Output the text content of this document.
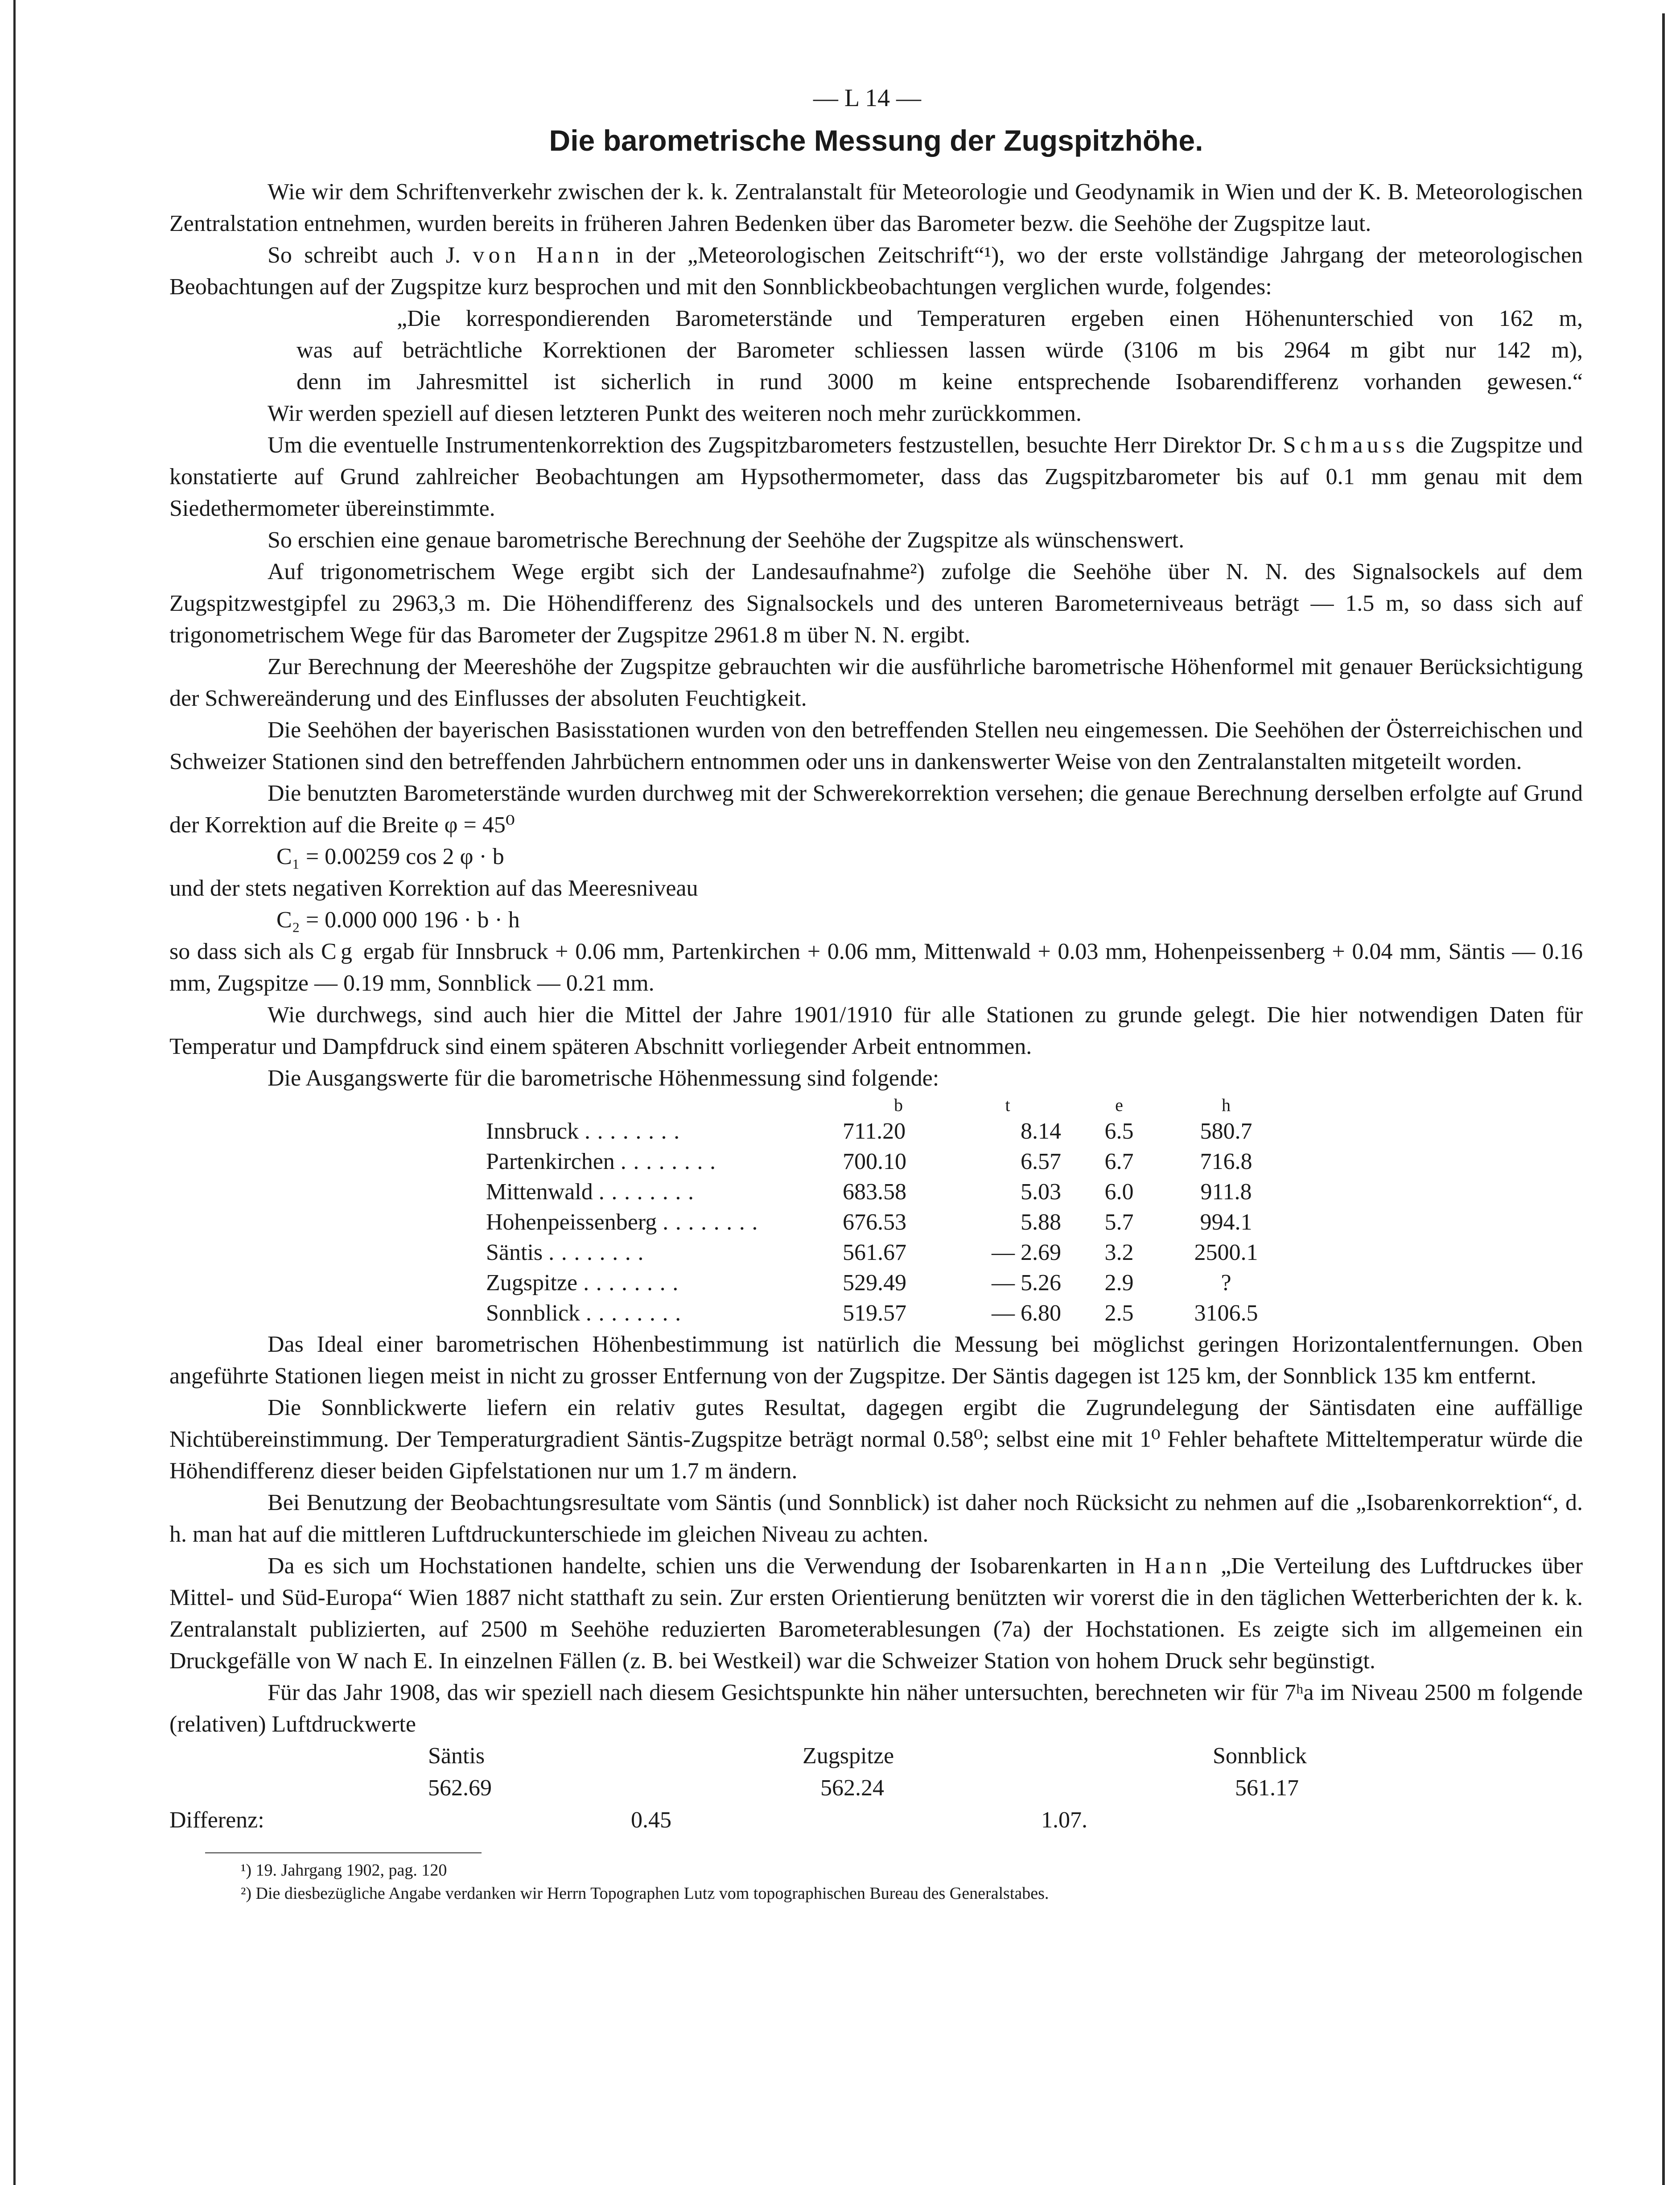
— L 14 —
Die barometrische Messung der Zugspitzhöhe.

Wie wir dem Schriftenverkehr zwischen der k. k. Zentralanstalt für Meteorologie und Geodynamik in Wien und der K. B. Meteorologischen Zentralstation entnehmen, wurden bereits in früheren Jahren Bedenken über das Barometer bezw. die Seehöhe der Zugspitze laut.

So schreibt auch J. von Hann in der „Meteorologischen Zeitschrift“¹), wo der erste vollständige Jahrgang der meteorologischen Beobachtungen auf der Zugspitze kurz besprochen und mit den Sonnblickbeobachtungen verglichen wurde, folgendes:

„Die korrespondierenden Barometerstände und Temperaturen ergeben einen Höhenunterschied von 162 m,
was auf beträchtliche Korrektionen der Barometer schliessen lassen würde (3106 m bis 2964 m gibt nur 142 m),
denn im Jahresmittel ist sicherlich in rund 3000 m keine entsprechende Isobarendifferenz vorhanden gewesen.“

Wir werden speziell auf diesen letzteren Punkt des weiteren noch mehr zurückkommen.

Um die eventuelle Instrumentenkorrektion des Zugspitzbarometers festzustellen, besuchte Herr Direktor Dr. Schmauss die Zugspitze und konstatierte auf Grund zahlreicher Beobachtungen am Hypsothermometer, dass das Zugspitzbarometer bis auf 0.1 mm genau mit dem Siedethermometer übereinstimmte.

So erschien eine genaue barometrische Berechnung der Seehöhe der Zugspitze als wünschenswert.

Auf trigonometrischem Wege ergibt sich der Landesaufnahme²) zufolge die Seehöhe über N. N. des Signalsockels auf dem Zugspitzwestgipfel zu 2963,3 m. Die Höhendifferenz des Signalsockels und des unteren Barometerniveaus beträgt — 1.5 m, so dass sich auf trigonometrischem Wege für das Barometer der Zugspitze 2961.8 m über N. N. ergibt.

Zur Berechnung der Meereshöhe der Zugspitze gebrauchten wir die ausführliche barometrische Höhenformel mit genauer Berücksichtigung der Schwereänderung und des Einflusses der absoluten Feuchtigkeit.

Die Seehöhen der bayerischen Basisstationen wurden von den betreffenden Stellen neu eingemessen. Die Seehöhen der Österreichischen und Schweizer Stationen sind den betreffenden Jahrbüchern entnommen oder uns in dankenswerter Weise von den Zentralanstalten mitgeteilt worden.

Die benutzten Barometerstände wurden durchweg mit der Schwerekorrektion versehen; die genaue Berechnung derselben erfolgte auf Grund der Korrektion auf die Breite φ = 45⁰

C₁ = 0.00259 cos 2 φ · b

und der stets negativen Korrektion auf das Meeresniveau

C₂ = 0.000 000 196 · b · h

so dass sich als Cg ergab für Innsbruck + 0.06 mm, Partenkirchen + 0.06 mm, Mittenwald + 0.03 mm, Hohenpeissenberg + 0.04 mm, Säntis — 0.16 mm, Zugspitze — 0.19 mm, Sonnblick — 0.21 mm.

Wie durchwegs, sind auch hier die Mittel der Jahre 1901/1910 für alle Stationen zu grunde gelegt. Die hier notwendigen Daten für Temperatur und Dampfdruck sind einem späteren Abschnitt vorliegender Arbeit entnommen.

Die Ausgangswerte für die barometrische Höhenmessung sind folgende:

	b	t	e	h
Innsbruck ........	711.20	8.14	6.5	580.7
Partenkirchen ........	700.10	6.57	6.7	716.8
Mittenwald ........	683.58	5.03	6.0	911.8
Hohenpeissenberg ........	676.53	5.88	5.7	994.1
Säntis ........	561.67	— 2.69	3.2	2500.1
Zugspitze ........	529.49	— 5.26	2.9	?
Sonnblick ........	519.57	— 6.80	2.5	3106.5

Das Ideal einer barometrischen Höhenbestimmung ist natürlich die Messung bei möglichst geringen Horizontalentfernungen. Oben angeführte Stationen liegen meist in nicht zu grosser Entfernung von der Zugspitze. Der Säntis dagegen ist 125 km, der Sonnblick 135 km entfernt.

Die Sonnblickwerte liefern ein relativ gutes Resultat, dagegen ergibt die Zugrundelegung der Säntisdaten eine auffällige Nichtübereinstimmung. Der Temperaturgradient Säntis-Zugspitze beträgt normal 0.58⁰; selbst eine mit 1⁰ Fehler behaftete Mitteltemperatur würde die Höhendifferenz dieser beiden Gipfelstationen nur um 1.7 m ändern.

Bei Benutzung der Beobachtungsresultate vom Säntis (und Sonnblick) ist daher noch Rücksicht zu nehmen auf die „Isobarenkorrektion“, d. h. man hat auf die mittleren Luftdruckunterschiede im gleichen Niveau zu achten.

Da es sich um Hochstationen handelte, schien uns die Verwendung der Isobarenkarten in Hann „Die Verteilung des Luftdruckes über Mittel- und Süd-Europa“ Wien 1887 nicht statthaft zu sein. Zur ersten Orientierung benützten wir vorerst die in den täglichen Wetterberichten der k. k. Zentralanstalt publizierten, auf 2500 m Seehöhe reduzierten Barometerablesungen (7a) der Hochstationen. Es zeigte sich im allgemeinen ein Druckgefälle von W nach E. In einzelnen Fällen (z. B. bei Westkeil) war die Schweizer Station von hohem Druck sehr begünstigt.

Für das Jahr 1908, das wir speziell nach diesem Gesichtspunkte hin näher untersuchten, berechneten wir für 7ʰa im Niveau 2500 m folgende (relativen) Luftdruckwerte

Säntis	Zugspitze	Sonnblick
562.69	562.24	561.17
Differenz:	0.45	1.07.
¹) 19. Jahrgang 1902, pag. 120
²) Die diesbezügliche Angabe verdanken wir Herrn Topographen Lutz vom topographischen Bureau des Generalstabes.
